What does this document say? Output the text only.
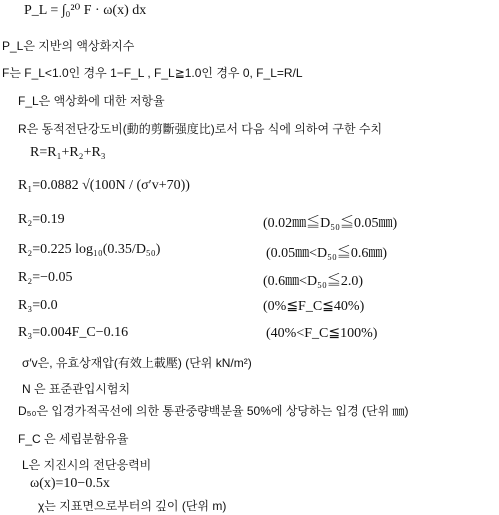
P_L = ∫₀²⁰ F · ω(x) dx
P_L은 지반의 액상화지수
F는 F_L<1.0인 경우 1−F_L , F_L≧1.0인 경우 0, F_L=R/L
F_L은 액상화에 대한 저항율
R은 동적전단강도비(動的剪斷强度比)로서 다음 식에 의하여 구한 수치
R=R₁+R₂+R₃
R₁=0.0882 √(100N / (σ′v+70))
R₂=0.19	(0.02㎜≦D₅₀≦0.05㎜)
R₂=0.225 log₁₀(0.35/D₅₀)	(0.05㎜<D₅₀≦0.6㎜)
R₂=−0.05	(0.6㎜<D₅₀≦2.0)
R₃=0.0	(0%≦F_C≦40%)
R₃=0.004F_C−0.16	(40%<F_C≦100%)
σ′v은, 유효상재압(有效上載壓) (단위 kN/m²)
N 은 표준관입시험치
D₅₀은 입경가적곡선에 의한 통관중량백분율 50%에 상당하는 입경 (단위 ㎜)
F_C 은 세립분함유율
L은 지진시의 전단응력비
ω(x)=10−0.5x
χ는 지표면으로부터의 깊이 (단위 m)
